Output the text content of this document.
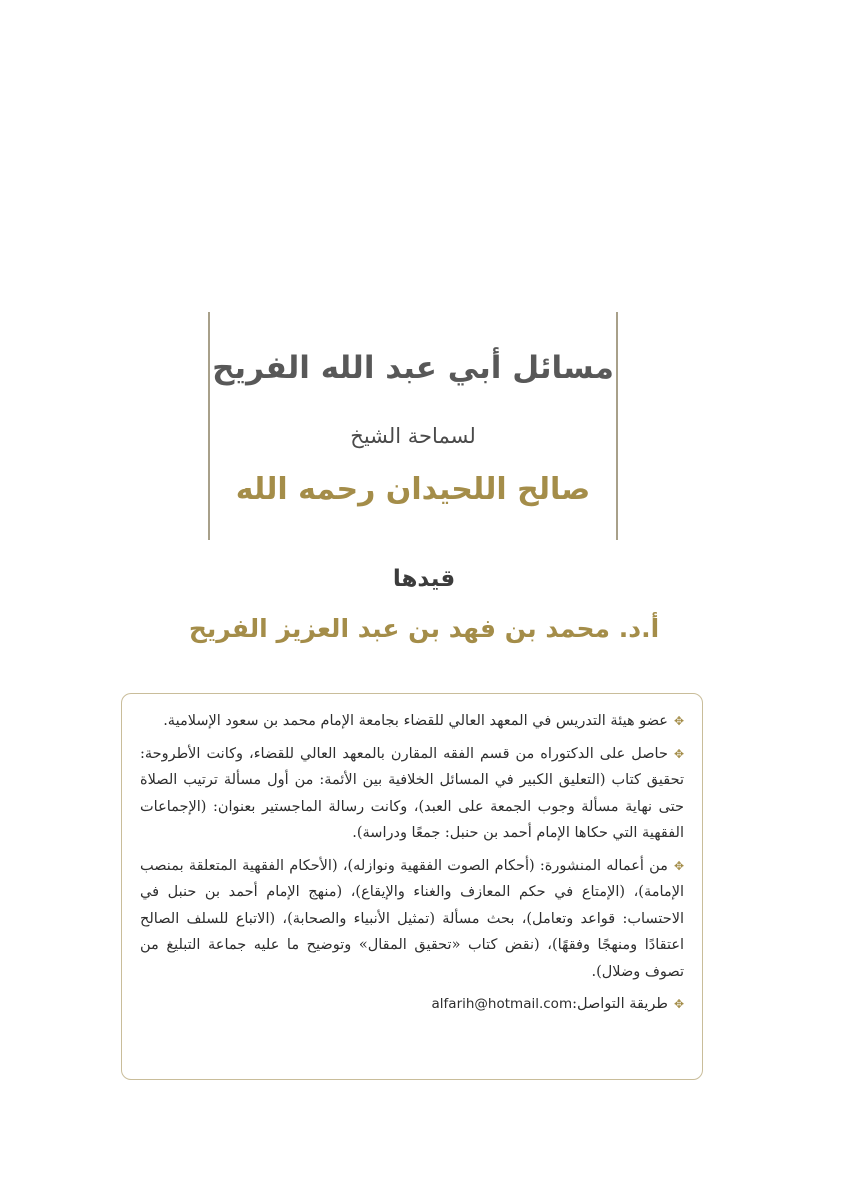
مسائل أبي عبد الله الفريح
لسماحة الشيخ
صالح اللحيدان رحمه الله
قيدها
أ.د. محمد بن فهد بن عبد العزيز الفريح
✥عضو هيئة التدريس في المعهد العالي للقضاء بجامعة الإمام محمد بن سعود الإسلامية.
✥حاصل على الدكتوراه من قسم الفقه المقارن بالمعهد العالي للقضاء، وكانت الأطروحة: تحقيق كتاب (التعليق الكبير في المسائل الخلافية بين الأئمة: من أول مسألة ترتيب الصلاة حتى نهاية مسألة وجوب الجمعة على العبد)، وكانت رسالة الماجستير بعنوان: (الإجماعات الفقهية التي حكاها الإمام أحمد بن حنبل: جمعًا ودراسة).
✥من أعماله المنشورة: (أحكام الصوت الفقهية ونوازله)، (الأحكام الفقهية المتعلقة بمنصب الإمامة)، (الإمتاع في حكم المعازف والغناء والإيقاع)، (منهج الإمام أحمد بن حنبل في الاحتساب: قواعد وتعامل)، بحث مسألة (تمثيل الأنبياء والصحابة)، (الاتباع للسلف الصالح اعتقادًا ومنهجًا وفقهًا)، (نقض كتاب «تحقيق المقال» وتوضيح ما عليه جماعة التبليغ من تصوف وضلال).
✥طريقة التواصل:alfarih@hotmail.com
